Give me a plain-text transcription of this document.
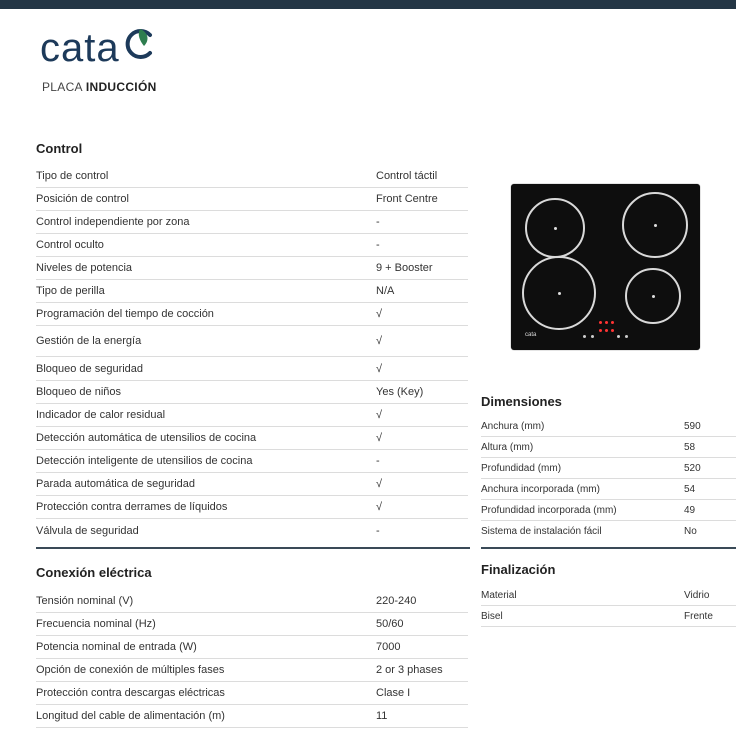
cata
PLACA INDUCCIÓN
Control
Tipo de control	Control táctil
Posición de control	Front Centre
Control independiente por zona	-
Control oculto	-
Niveles de potencia	9 + Booster
Tipo de perilla	N/A
Programación del tiempo de cocción	√
Gestión de la energía	√
Bloqueo de seguridad	√
Bloqueo de niños	Yes (Key)
Indicador de calor residual	√
Detección automática de utensilios de cocina	√
Detección inteligente de utensilios de cocina	-
Parada automática de seguridad	√
Protección contra derrames de líquidos	√
Válvula de seguridad	-
Conexión eléctrica
Tensión nominal (V)	220-240
Frecuencia nominal (Hz)	50/60
Potencia nominal de entrada (W)	7000
Opción de conexión de múltiples fases	2 or 3 phases
Protección contra descargas eléctricas	Clase I
Longitud del cable de alimentación (m)	11
cata
Dimensiones
Anchura (mm)	590
Altura (mm)	58
Profundidad (mm)	520
Anchura incorporada (mm)	54
Profundidad incorporada (mm)	49
Sistema de instalación fácil	No
Finalización
Material	Vidrio
Bisel	Frente
